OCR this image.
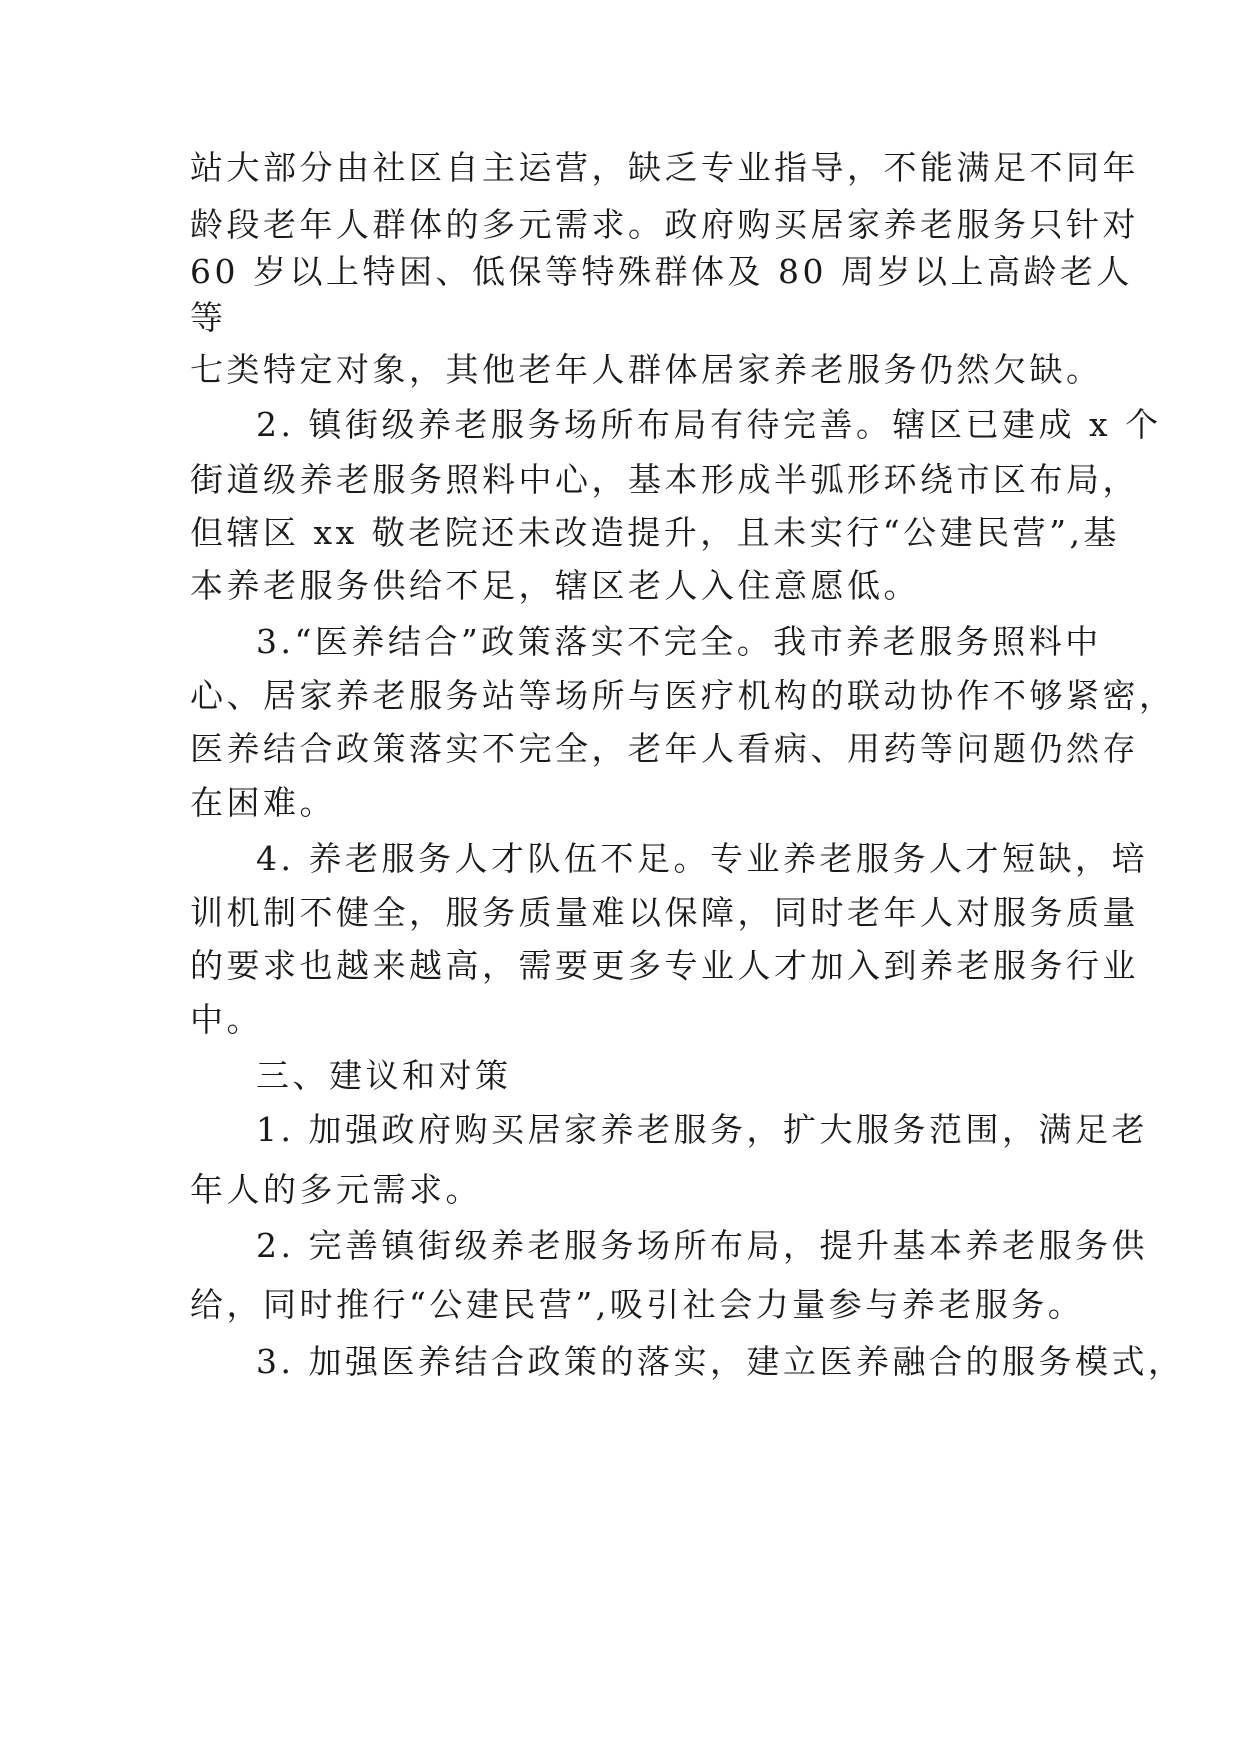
站大部分由社区自主运营，缺乏专业指导，不能满足不同年
龄段老年人群体的多元需求。政府购买居家养老服务只针对
60 岁以上特困、低保等特殊群体及 80 周岁以上高龄老人
等
七类特定对象，其他老年人群体居家养老服务仍然欠缺。
2. 镇街级养老服务场所布局有待完善。辖区已建成 x 个
街道级养老服务照料中心，基本形成半弧形环绕市区布局，
但辖区 xx 敬老院还未改造提升，且未实行“公建民营”,基
本养老服务供给不足，辖区老人入住意愿低。
3.“医养结合”政策落实不完全。我市养老服务照料中
心、居家养老服务站等场所与医疗机构的联动协作不够紧密，
医养结合政策落实不完全，老年人看病、用药等问题仍然存
在困难。
4. 养老服务人才队伍不足。专业养老服务人才短缺，培
训机制不健全，服务质量难以保障，同时老年人对服务质量
的要求也越来越高，需要更多专业人才加入到养老服务行业
中。
三、建议和对策
1. 加强政府购买居家养老服务，扩大服务范围，满足老
年人的多元需求。
2. 完善镇街级养老服务场所布局，提升基本养老服务供
给，同时推行“公建民营”,吸引社会力量参与养老服务。
3. 加强医养结合政策的落实，建立医养融合的服务模式，
